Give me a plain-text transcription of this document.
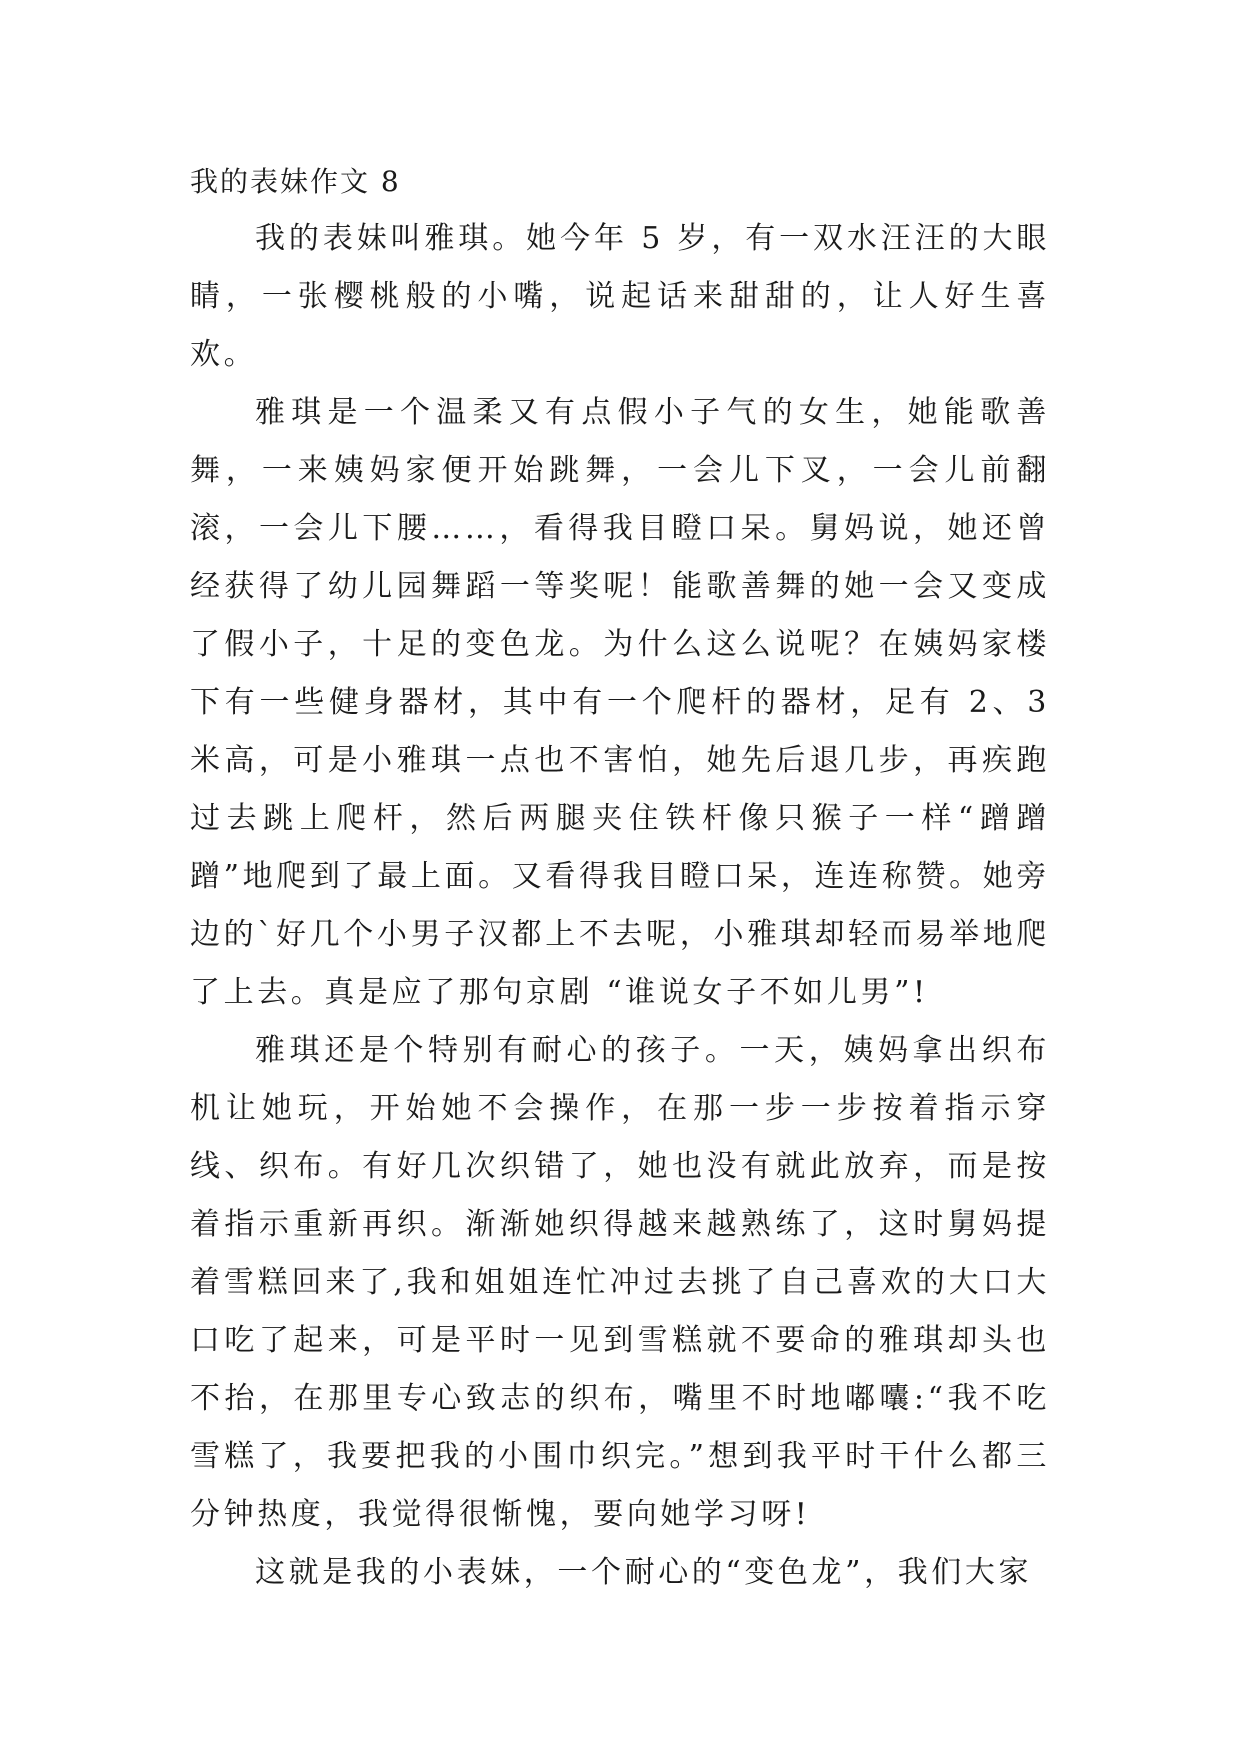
我的表妹作文 8

我的表妹叫雅琪。她今年 5 岁，有一双水汪汪的大眼睛，一张樱桃般的小嘴，说起话来甜甜的，让人好生喜欢。

雅琪是一个温柔又有点假小子气的女生，她能歌善舞，一来姨妈家便开始跳舞，一会儿下叉，一会儿前翻滚，一会儿下腰……，看得我目瞪口呆。舅妈说，她还曾经获得了幼儿园舞蹈一等奖呢！能歌善舞的她一会又变成了假小子，十足的变色龙。为什么这么说呢？在姨妈家楼下有一些健身器材，其中有一个爬杆的器材，足有 2、3 米高，可是小雅琪一点也不害怕，她先后退几步，再疾跑过去跳上爬杆，然后两腿夹住铁杆像只猴子一样“蹭蹭蹭”地爬到了最上面。又看得我目瞪口呆，连连称赞。她旁边的`好几个小男子汉都上不去呢，小雅琪却轻而易举地爬了上去。真是应了那句京剧 “谁说女子不如儿男”!

雅琪还是个特别有耐心的孩子。一天，姨妈拿出织布机让她玩，开始她不会操作，在那一步一步按着指示穿线、织布。有好几次织错了，她也没有就此放弃，而是按着指示重新再织。渐渐她织得越来越熟练了，这时舅妈提着雪糕回来了,我和姐姐连忙冲过去挑了自己喜欢的大口大口吃了起来，可是平时一见到雪糕就不要命的雅琪却头也不抬，在那里专心致志的织布，嘴里不时地嘟囔:“我不吃雪糕了，我要把我的小围巾织完。”想到我平时干什么都三分钟热度，我觉得很惭愧，要向她学习呀!

这就是我的小表妹，一个耐心的“变色龙”，我们大家
